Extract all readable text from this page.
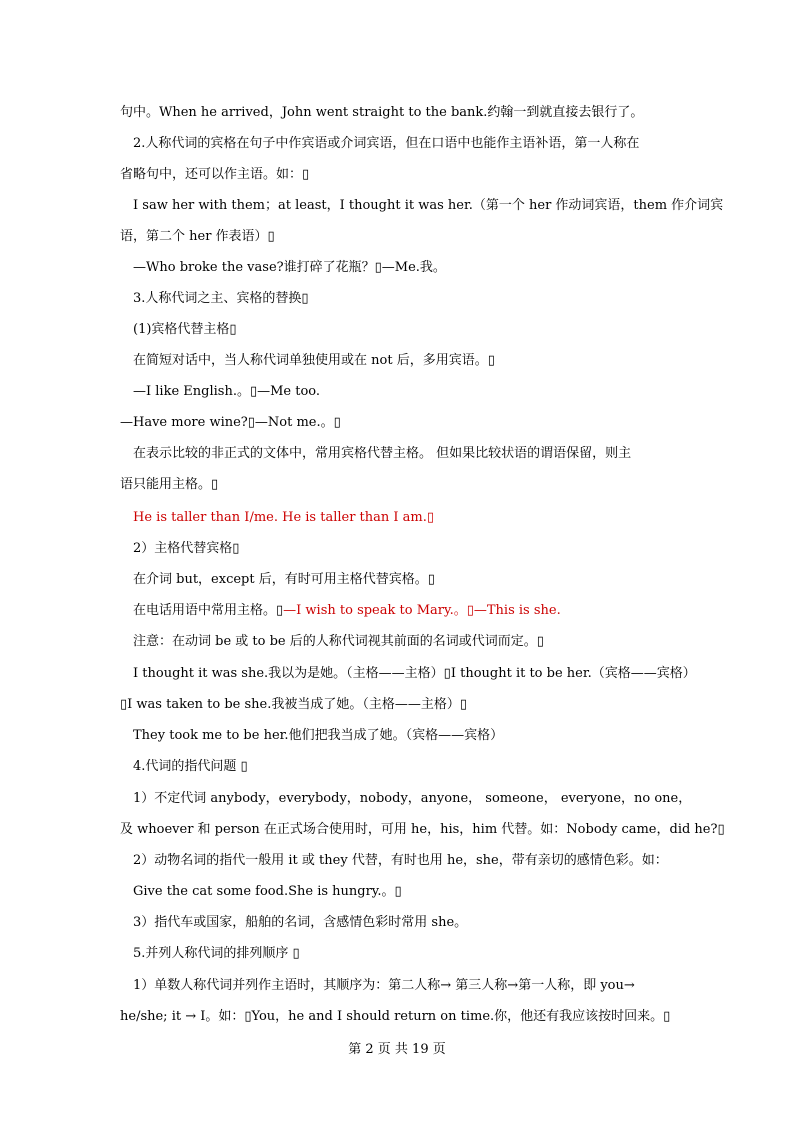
句中。When he arrived，John went straight to the bank.约翰一到就直接去银行了。
2.人称代词的宾格在句子中作宾语或介词宾语，但在口语中也能作主语补语，第一人称在
省略句中，还可以作主语。如：▯
I saw her with them；at least，I thought it was her.（第一个 her 作动词宾语，them 作介词宾
语，第二个 her 作表语）▯
—Who broke the vase?谁打碎了花瓶？▯—Me.我。
3.人称代词之主、宾格的替换▯
(1)宾格代替主格▯
在简短对话中，当人称代词单独使用或在 not 后，多用宾语。▯
—I like English.。▯—Me too.
—Have more wine?▯—Not me.。▯
在表示比较的非正式的文体中，常用宾格代替主格。 但如果比较状语的谓语保留，则主
语只能用主格。▯
He is taller than I/me. He is taller than I am.▯
2）主格代替宾格▯
在介词 but，except 后，有时可用主格代替宾格。▯
在电话用语中常用主格。▯—I wish to speak to Mary.。▯—This is she.
注意：在动词 be 或 to be 后的人称代词视其前面的名词或代词而定。▯
I thought it was she.我以为是她。（主格——主格）▯I thought it to be her.（宾格——宾格）
▯I was taken to be she.我被当成了她。（主格——主格）▯
They took me to be her.他们把我当成了她。（宾格——宾格）
4.代词的指代问题 ▯
1）不定代词 anybody，everybody，nobody，anyone， someone， everyone，no one，
及 whoever 和 person 在正式场合使用时，可用 he，his，him 代替。如：Nobody came，did he?▯
2）动物名词的指代一般用 it 或 they 代替，有时也用 he，she，带有亲切的感情色彩。如：
Give the cat some food.She is hungry.。▯
3）指代车或国家，船舶的名词，含感情色彩时常用 she。
5.并列人称代词的排列顺序 ▯
1）单数人称代词并列作主语时，其顺序为：第二人称→ 第三人称→第一人称，即 you→
he/she; it → I。如：▯You，he and I should return on time.你，他还有我应该按时回来。▯
第 2 页 共 19 页
